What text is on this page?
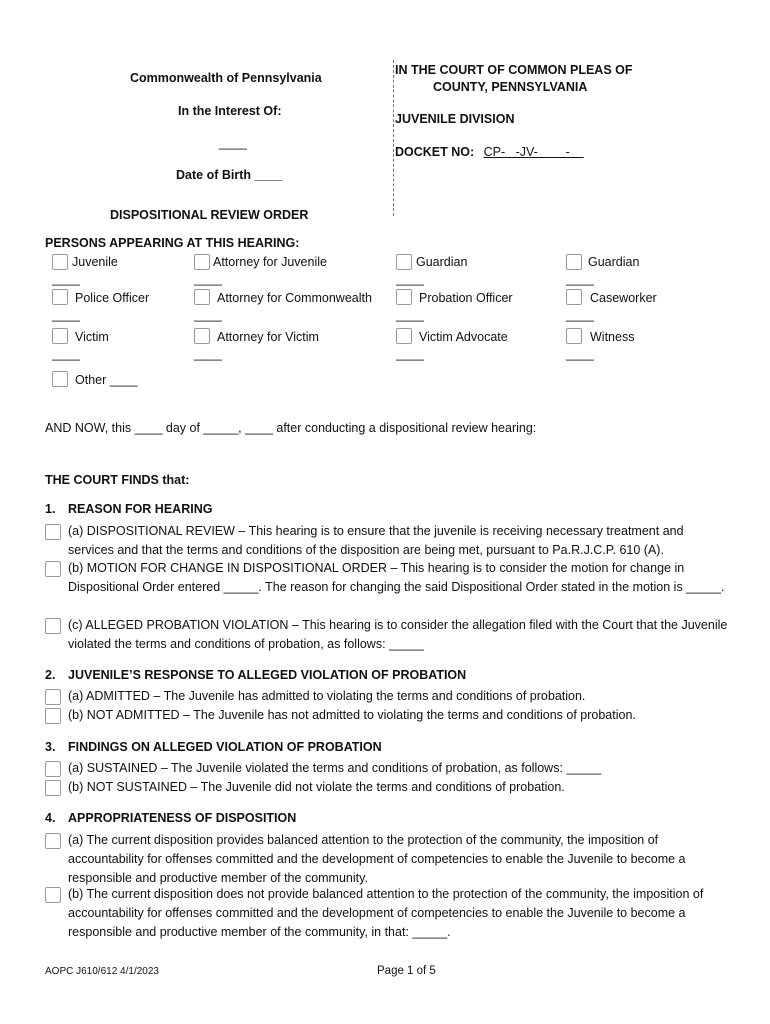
Commonwealth of Pennsylvania
In the Interest Of:
____
Date of Birth ____
DISPOSITIONAL REVIEW ORDER
IN THE COURT OF COMMON PLEAS OF
COUNTY, PENNSYLVANIA
JUVENILE DIVISION
DOCKET NO: CP-   -JV-        -
PERSONS APPEARING AT THIS HEARING:
Juvenile
____
Attorney for Juvenile
____
Guardian
____
Guardian
____
Police Officer
____
Attorney for Commonwealth
____
Probation Officer
____
Caseworker
____
Victim
____
Attorney for Victim
____
Victim Advocate
____
Witness
____
Other ____
AND NOW, this ____ day of _____, ____ after conducting a dispositional review hearing:
THE COURT FINDS that:
1. REASON FOR HEARING
(a) DISPOSITIONAL REVIEW – This hearing is to ensure that the juvenile is receiving necessary treatment and services and that the terms and conditions of the disposition are being met, pursuant to Pa.R.J.C.P. 610 (A).
(b) MOTION FOR CHANGE IN DISPOSITIONAL ORDER – This hearing is to consider the motion for change in Dispositional Order entered _____. The reason for changing the said Dispositional Order stated in the motion is _____.
(c) ALLEGED PROBATION VIOLATION – This hearing is to consider the allegation filed with the Court that the Juvenile violated the terms and conditions of probation, as follows: _____
2. JUVENILE’S RESPONSE TO ALLEGED VIOLATION OF PROBATION
(a) ADMITTED – The Juvenile has admitted to violating the terms and conditions of probation.
(b) NOT ADMITTED – The Juvenile has not admitted to violating the terms and conditions of probation.
3. FINDINGS ON ALLEGED VIOLATION OF PROBATION
(a) SUSTAINED – The Juvenile violated the terms and conditions of probation, as follows: _____
(b) NOT SUSTAINED – The Juvenile did not violate the terms and conditions of probation.
4. APPROPRIATENESS OF DISPOSITION
(a) The current disposition provides balanced attention to the protection of the community, the imposition of accountability for offenses committed and the development of competencies to enable the Juvenile to become a responsible and productive member of the community.
(b) The current disposition does not provide balanced attention to the protection of the community, the imposition of accountability for offenses committed and the development of competencies to enable the Juvenile to become a responsible and productive member of the community, in that: _____.
AOPC J610/612 4/1/2023	Page 1 of 5
